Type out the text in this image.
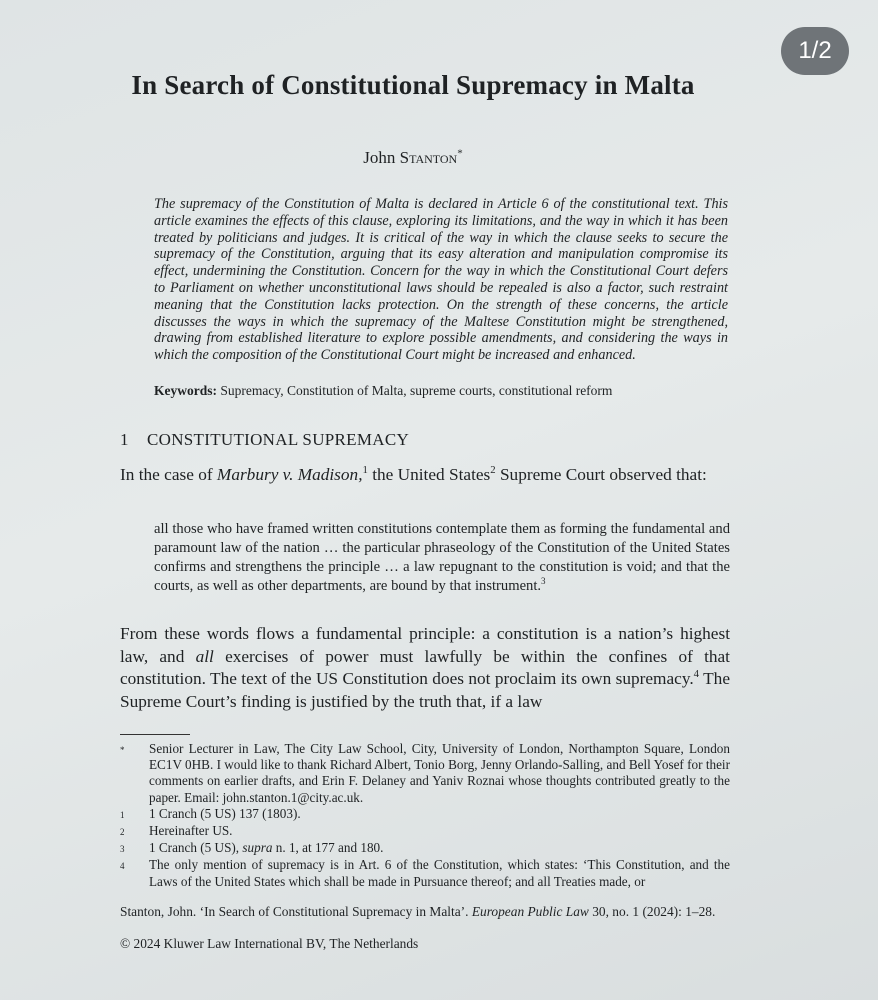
1/2
In Search of Constitutional Supremacy in Malta
John Stanton*
The supremacy of the Constitution of Malta is declared in Article 6 of the constitutional text. This article examines the effects of this clause, exploring its limitations, and the way in which it has been treated by politicians and judges. It is critical of the way in which the clause seeks to secure the supremacy of the Constitution, arguing that its easy alteration and manipulation compromise its effect, undermining the Constitution. Concern for the way in which the Constitutional Court defers to Parliament on whether unconstitutional laws should be repealed is also a factor, such restraint meaning that the Constitution lacks protection. On the strength of these concerns, the article discusses the ways in which the supremacy of the Maltese Constitution might be strengthened, drawing from established literature to explore possible amendments, and considering the ways in which the composition of the Constitutional Court might be increased and enhanced.
Keywords: Supremacy, Constitution of Malta, supreme courts, constitutional reform
1 CONSTITUTIONAL SUPREMACY
In the case of Marbury v. Madison,$^1$ the United States$^2$ Supreme Court observed that:
all those who have framed written constitutions contemplate them as forming the fundamental and paramount law of the nation … the particular phraseology of the Constitution of the United States confirms and strengthens the principle … a law repugnant to the constitution is void; and that the courts, as well as other departments, are bound by that instrument.$^3$
From these words flows a fundamental principle: a constitution is a nation’s highest law, and all exercises of power must lawfully be within the confines of that constitution. The text of the US Constitution does not proclaim its own supremacy.$^4$ The Supreme Court’s finding is justified by the truth that, if a law
*	Senior Lecturer in Law, The City Law School, City, University of London, Northampton Square, London EC1V 0HB. I would like to thank Richard Albert, Tonio Borg, Jenny Orlando-Salling, and Bell Yosef for their comments on earlier drafts, and Erin F. Delaney and Yaniv Roznai whose thoughts contributed greatly to the paper. Email: john.stanton.1@city.ac.uk.
1	1 Cranch (5 US) 137 (1803).
2	Hereinafter US.
3	1 Cranch (5 US), supra n. 1, at 177 and 180.
4	The only mention of supremacy is in Art. 6 of the Constitution, which states: ‘This Constitution, and the Laws of the United States which shall be made in Pursuance thereof; and all Treaties made, or
Stanton, John. ‘In Search of Constitutional Supremacy in Malta’. European Public Law 30, no. 1 (2024): 1–28.
© 2024 Kluwer Law International BV, The Netherlands
